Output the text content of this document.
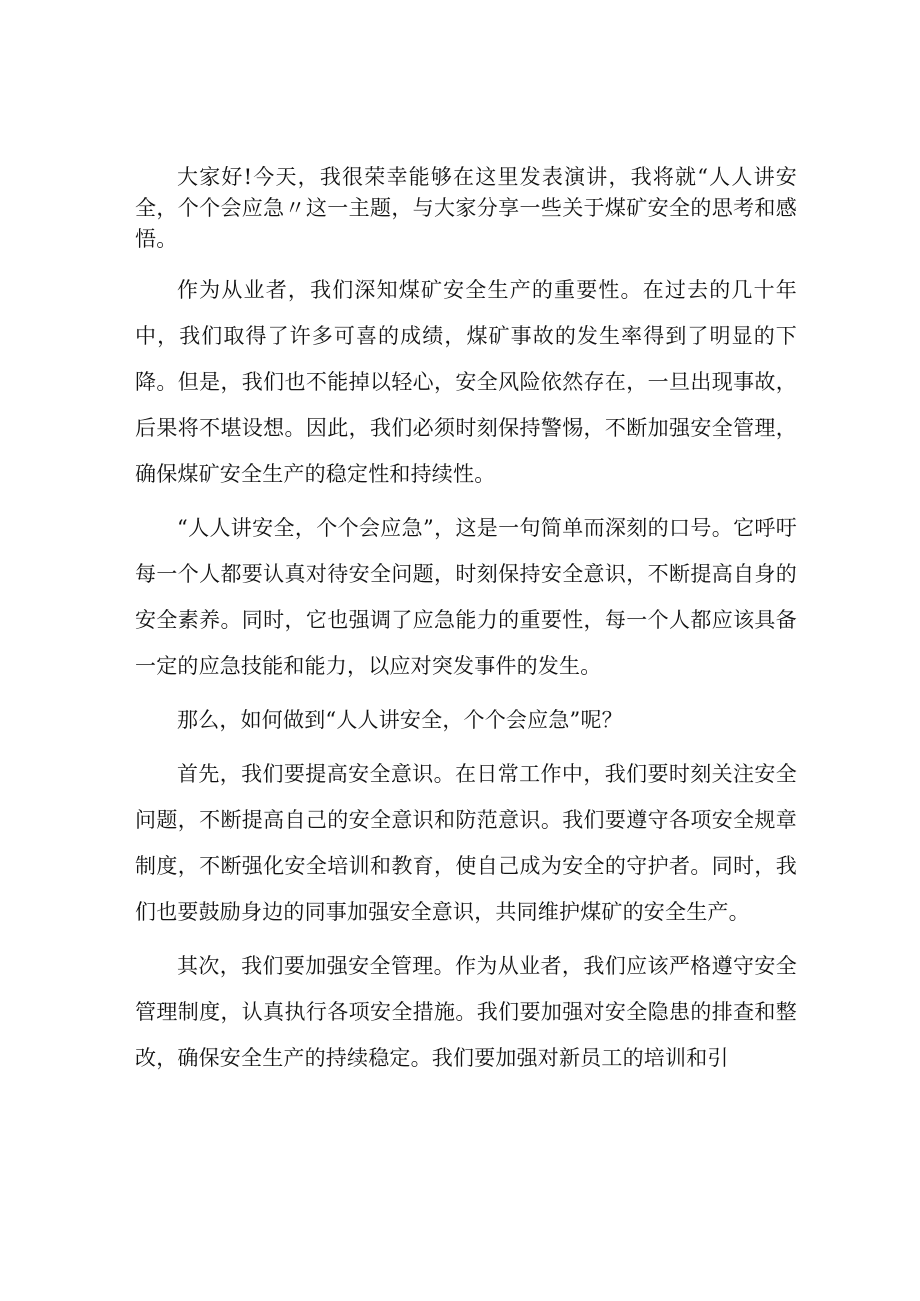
大家好!今天，我很荣幸能够在这里发表演讲，我将就“人人讲安全，个个会应急〃这一主题，与大家分享一些关于煤矿安全的思考和感悟。

作为从业者，我们深知煤矿安全生产的重要性。在过去的几十年中，我们取得了许多可喜的成绩，煤矿事故的发生率得到了明显的下降。但是，我们也不能掉以轻心，安全风险依然存在，一旦出现事故，后果将不堪设想。因此，我们必须时刻保持警惕，不断加强安全管理，确保煤矿安全生产的稳定性和持续性。

“人人讲安全，个个会应急”，这是一句简单而深刻的口号。它呼吁每一个人都要认真对待安全问题，时刻保持安全意识，不断提高自身的安全素养。同时，它也强调了应急能力的重要性，每一个人都应该具备一定的应急技能和能力，以应对突发事件的发生。

那么，如何做到“人人讲安全，个个会应急”呢？

首先，我们要提高安全意识。在日常工作中，我们要时刻关注安全问题，不断提高自己的安全意识和防范意识。我们要遵守各项安全规章制度，不断强化安全培训和教育，使自己成为安全的守护者。同时，我们也要鼓励身边的同事加强安全意识，共同维护煤矿的安全生产。

其次，我们要加强安全管理。作为从业者，我们应该严格遵守安全管理制度，认真执行各项安全措施。我们要加强对安全隐患的排查和整改，确保安全生产的持续稳定。我们要加强对新员工的培训和引
